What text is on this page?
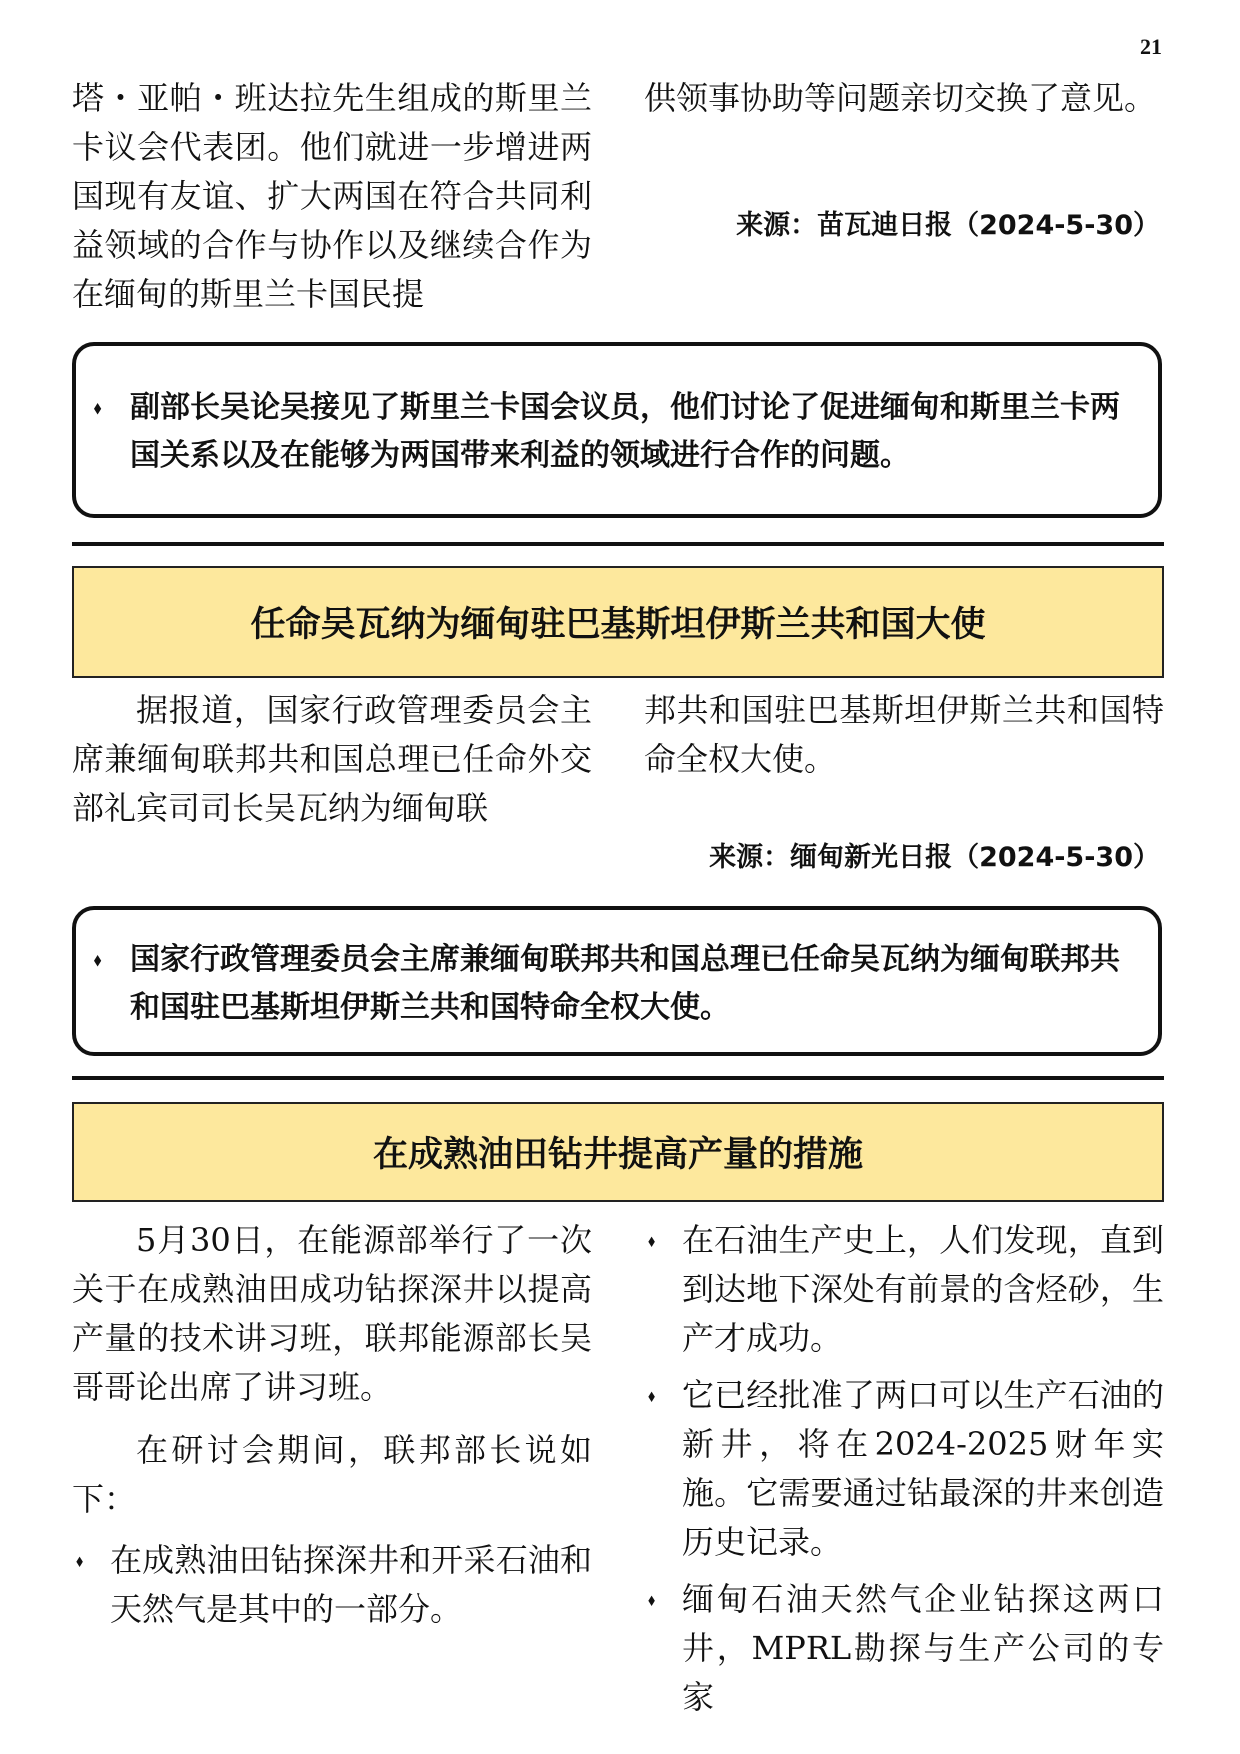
21

塔・亚帕・班达拉先生组成的斯里兰卡议会代表团。他们就进一步增进两国现有友谊、扩大两国在符合共同利益领域的合作与协作以及继续合作为在缅甸的斯里兰卡国民提

供领事协助等问题亲切交换了意见。

来源：苗瓦迪日报（2024-5-30）
⬧ 副部长吴论吴接见了斯里兰卡国会议员，他们讨论了促进缅甸和斯里兰卡两国关系以及在能够为两国带来利益的领域进行合作的问题。
任命吴瓦纳为缅甸驻巴基斯坦伊斯兰共和国大使

据报道，国家行政管理委员会主席兼缅甸联邦共和国总理已任命外交部礼宾司司长吴瓦纳为缅甸联

邦共和国驻巴基斯坦伊斯兰共和国特命全权大使。

来源：缅甸新光日报（2024-5-30）
⬧ 国家行政管理委员会主席兼缅甸联邦共和国总理已任命吴瓦纳为缅甸联邦共和国驻巴基斯坦伊斯兰共和国特命全权大使。
在成熟油田钻井提高产量的措施

5月30日，在能源部举行了一次关于在成熟油田成功钻探深井以提高产量的技术讲习班，联邦能源部长吴哥哥论出席了讲习班。

在研讨会期间，联邦部长说如下：

⬧ 在成熟油田钻探深井和开采石油和天然气是其中的一部分。
⬧ 在石油生产史上，人们发现，直到到达地下深处有前景的含烃砂，生产才成功。
⬧ 它已经批准了两口可以生产石油的新井，将在2024-2025财年实施。它需要通过钻最深的井来创造历史记录。
⬧ 缅甸石油天然气企业钻探这两口井，MPRL勘探与生产公司的专家
